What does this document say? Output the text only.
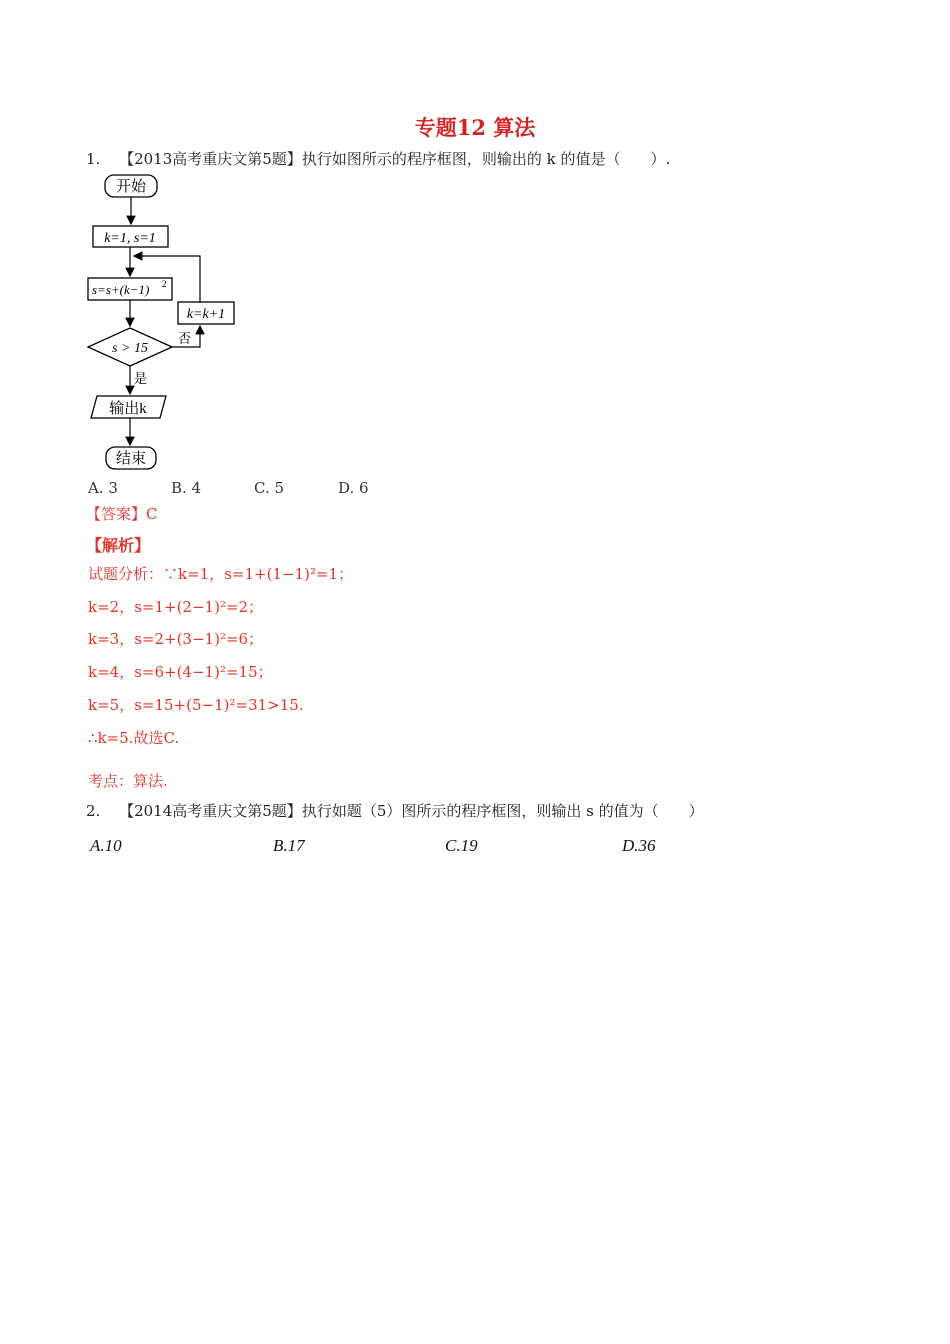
专题12 算法
1. 【2013高考重庆文第5题】执行如图所示的程序框图，则输出的 k 的值是（　　）.
开始
k=1, s=1
s=s+(k−1) 2
k=k+1
s > 15
否
是
输出k
结束
A. 3	B. 4	C. 5	D. 6
【答案】C
【解析】
试题分析：∵k=1，s=1+(1−1)²=1；
k=2，s=1+(2−1)²=2；
k=3，s=2+(3−1)²=6；
k=4，s=6+(4−1)²=15；
k=5，s=15+(5−1)²=31>15.
∴k=5.故选C.
考点：算法.
2. 【2014高考重庆文第5题】执行如题（5）图所示的程序框图，则输出 s 的值为（　　）
A.10	B.17	C.19	D.36
